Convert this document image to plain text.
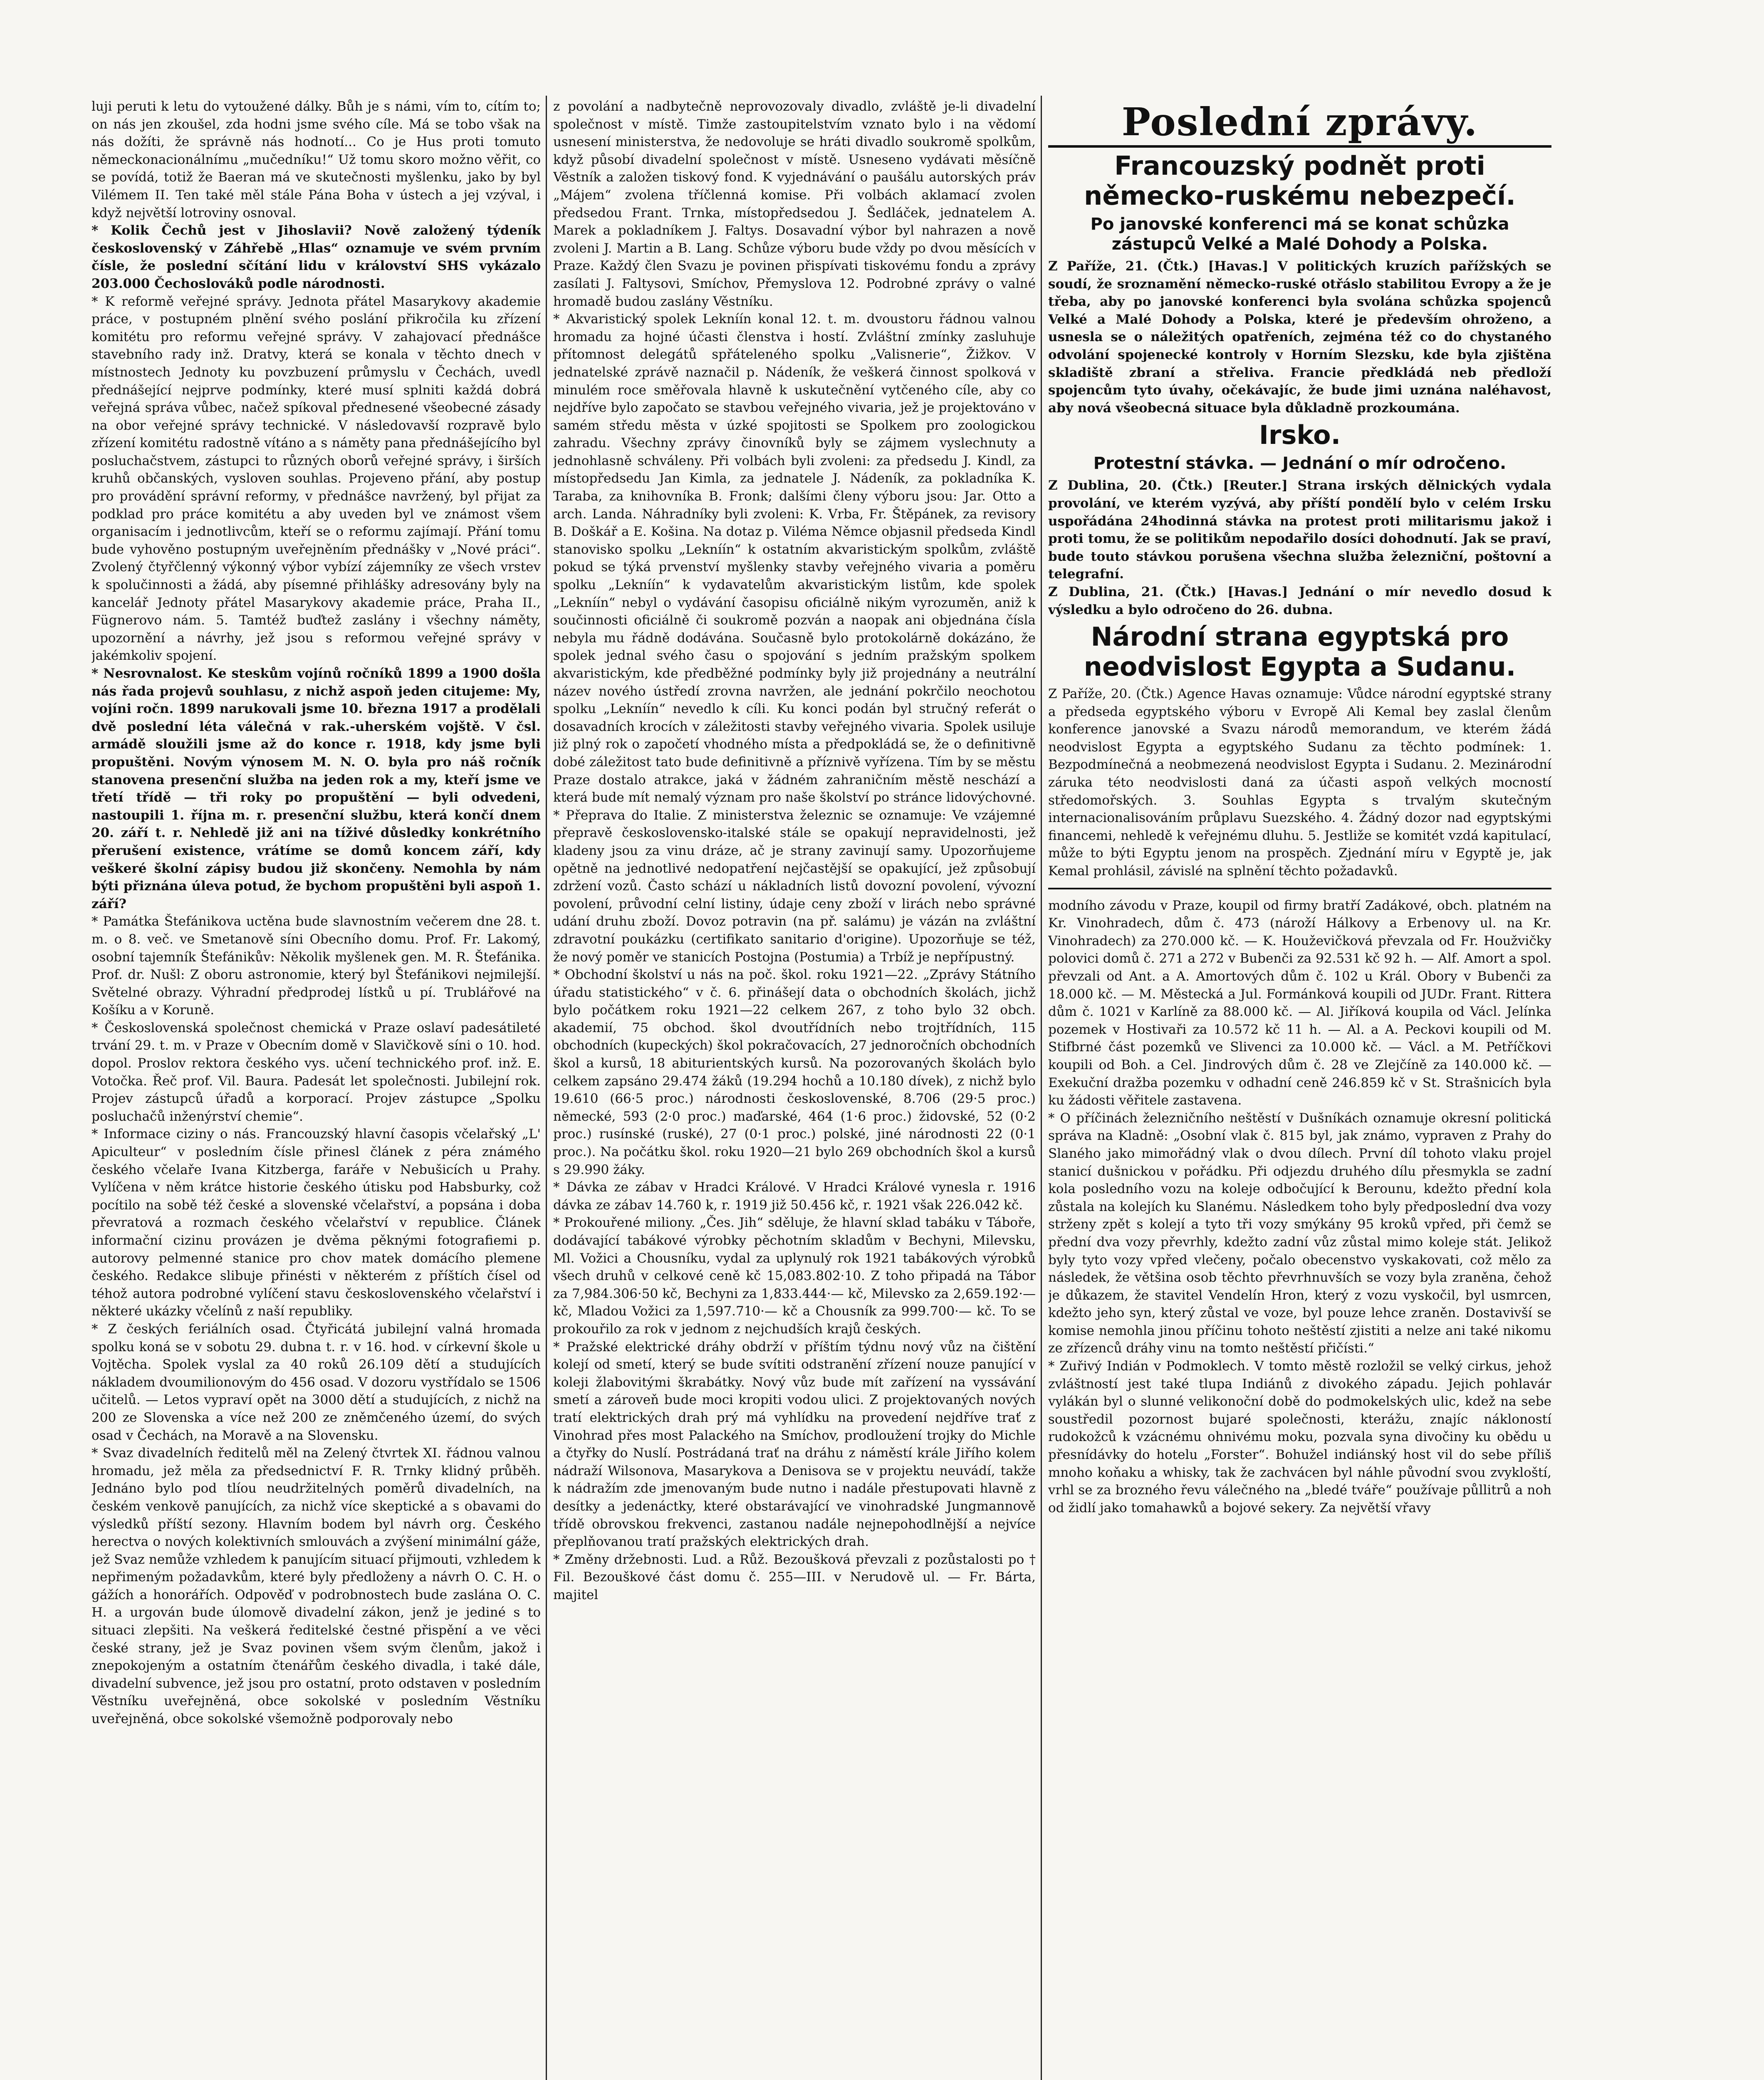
luji peruti k letu do vytoužené dálky. Bůh je s námi, vím to, cítím to; on nás jen zkoušel, zda hodni jsme svého cíle. Má se tobo však na nás dožíti, že správně nás hodnotí... Co je Hus proti tomuto německonacionálnímu „mučedníku!“ Už tomu skoro možno věřit, co se povídá, totiž že Baeran má ve skutečnosti myšlenku, jako by byl Vilémem II. Ten také měl stále Pána Boha v ústech a jej vzýval, i když největší lotroviny osnoval.

* Kolik Čechů jest v Jihoslavii? Nově založený týdeník československý v Záhřebě „Hlas“ oznamuje ve svém prvním čísle, že poslední sčítání lidu v království SHS vykázalo 203.000 Čechoslováků podle národnosti.

* K reformě veřejné správy. Jednota přátel Masarykovy akademie práce, v postupném plnění svého poslání přikročila ku zřízení komitétu pro reformu veřejné správy. V zahajovací přednášce stavebního rady inž. Dratvy, která se konala v těchto dnech v místnostech Jednoty ku povzbuzení průmyslu v Čechách, uvedl přednášející nejprve podmínky, které musí splniti každá dobrá veřejná správa vůbec, načež spíkoval přednesené všeobecné zásady na obor veřejné správy technické. V následovavší rozpravě bylo zřízení komitétu radostně vítáno a s náměty pana přednášejícího byl posluchačstvem, zástupci to různých oborů veřejné správy, i širších kruhů občanských, vysloven souhlas. Projeveno přání, aby postup pro provádění správní reformy, v přednášce navržený, byl přijat za podklad pro práce komitétu a aby uveden byl ve známost všem organisacím i jednotlivcům, kteří se o reformu zajímají. Přání tomu bude vyhověno postupným uveřejněním přednášky v „Nové práci“. Zvolený čtyřčlenný výkonný výbor vybízí zájemníky ze všech vrstev k spolučinnosti a žádá, aby písemné přihlášky adresovány byly na kancelář Jednoty přátel Masarykovy akademie práce, Praha II., Fügnerovo nám. 5. Tamtéž buďtež zaslány i všechny náměty, upozornění a návrhy, jež jsou s reformou veřejné správy v jakémkoliv spojení.

* Nesrovnalost. Ke steskům vojínů ročníků 1899 a 1900 došla nás řada projevů souhlasu, z nichž aspoň jeden citujeme: My, vojíni ročn. 1899 narukovali jsme 10. března 1917 a prodělali dvě poslední léta válečná v rak.-uherském vojště. V čsl. armádě sloužili jsme až do konce r. 1918, kdy jsme byli propuštěni. Novým výnosem M. N. O. byla pro náš ročník stanovena presenční služba na jeden rok a my, kteří jsme ve třetí třídě — tři roky po propuštění — byli odvedeni, nastoupili 1. října m. r. presenční službu, která končí dnem 20. září t. r. Nehledě již ani na tíživé důsledky konkrétního přerušení existence, vrátíme se domů koncem září, kdy veškeré školní zápisy budou již skončeny. Nemohla by nám býti přiznána úleva potud, že bychom propuštěni byli aspoň 1. září?

* Památka Štefánikova uctěna bude slavnostním večerem dne 28. t. m. o 8. več. ve Smetanově síni Obecního domu. Prof. Fr. Lakomý, osobní tajemník Štefánikův: Několik myšlenek gen. M. R. Štefánika. Prof. dr. Nušl: Z oboru astronomie, který byl Štefánikovi nejmilejší. Světelné obrazy. Výhradní předprodej lístků u pí. Trublářové na Košíku a v Koruně.

* Československá společnost chemická v Praze oslaví padesátileté trvání 29. t. m. v Praze v Obecním domě v Slavičkově síni o 10. hod. dopol. Proslov rektora českého vys. učení technického prof. inž. E. Votočka. Řeč prof. Vil. Baura. Padesát let společnosti. Jubilejní rok. Projev zástupců úřadů a korporací. Projev zástupce „Spolku posluchačů inženýrství chemie“.

* Informace ciziny o nás. Francouzský hlavní časopis včelařský „L' Apiculteur“ v posledním čísle přinesl článek z péra známého českého včelaře Ivana Kitzberga, faráře v Nebušicích u Prahy. Vylíčena v něm krátce historie českého útisku pod Habsburky, což pocítilo na sobě též české a slovenské včelařství, a popsána i doba převratová a rozmach českého včelařství v republice. Článek informační cizinu provázen je dvěma pěknými fotografiemi p. autorovy pelmenné stanice pro chov matek domácího plemene českého. Redakce slibuje přinésti v některém z příštích čísel od téhož autora podrobné vylíčení stavu československého včelařství i některé ukázky včelínů z naší republiky.

* Z českých feriálních osad. Čtyřicátá jubilejní valná hromada spolku koná se v sobotu 29. dubna t. r. v 16. hod. v církevní škole u Vojtěcha. Spolek vyslal za 40 roků 26.109 dětí a studujících nákladem dvoumilionovým do 456 osad. V dozoru vystřídalo se 1506 učitelů. — Letos vypraví opět na 3000 dětí a studujících, z nichž na 200 ze Slovenska a více než 200 ze zněmčeného území, do svých osad v Čechách, na Moravě a na Slovensku.

* Svaz divadelních ředitelů měl na Zelený čtvrtek XI. řádnou valnou hromadu, jež měla za předsednictví F. R. Trnky klidný průběh. Jednáno bylo pod tlíou neudržitelných poměrů divadelních, na českém venkově panujících, za nichž více skeptické a s obavami do výsledků příští sezony. Hlavním bodem byl návrh org. Českého herectva o nových kolektivních smlouvách a zvýšení minimální gáže, jež Svaz nemůže vzhledem k panujícím situací přijmouti, vzhledem k nepřimeným požadavkům, které byly předloženy a návrh O. C. H. o gážích a honorářích. Odpověď v podrobnostech bude zaslána O. C. H. a urgován bude úlomově divadelní zákon, jenž je jediné s to situaci zlepšiti. Na veškerá ředitelské čestné přispění a ve věci české strany, jež je Svaz povinen všem svým členům, jakož i znepokojeným a ostatním čtenářům českého divadla, i také dále, divadelní subvence, jež jsou pro ostatní, proto odstaven v posledním Věstníku uveřejněná, obce sokolské v posledním Věstníku uveřejněná, obce sokolské všemožně podporovaly nebo

z povolání a nadbytečně neprovozovaly divadlo, zvláště je-li divadelní společnost v místě. Timže zastoupitelstvím vznato bylo i na vědomí usnesení ministerstva, že nedovoluje se hráti divadlo soukromě spolkům, když působí divadelní společnost v místě. Usneseno vydávati měsíčně Věstník a založen tiskový fond. K vyjednávání o paušálu autorských práv „Májem“ zvolena tříčlenná komise. Při volbách aklamací zvolen předsedou Frant. Trnka, místopředsedou J. Šedláček, jednatelem A. Marek a pokladníkem J. Faltys. Dosavadní výbor byl nahrazen a nově zvoleni J. Martin a B. Lang. Schůze výboru bude vždy po dvou měsících v Praze. Každý člen Svazu je povinen přispívati tiskovému fondu a zprávy zasílati J. Faltysovi, Smíchov, Přemyslova 12. Podrobné zprávy o valné hromadě budou zaslány Věstníku.

* Akvaristický spolek Lekníín konal 12. t. m. dvoustoru řádnou valnou hromadu za hojné účasti členstva i hostí. Zvláštní zmínky zasluhuje přítomnost delegátů spřáteleného spolku „Valisnerie“, Žižkov. V jednatelské zprávě naznačil p. Nádeník, že veškerá činnost spolková v minulém roce směřovala hlavně k uskutečnění vytčeného cíle, aby co nejdříve bylo započato se stavbou veřejného vivaria, jež je projektováno v samém středu města v úzké spojitosti se Spolkem pro zoologickou zahradu. Všechny zprávy činovníků byly se zájmem vyslechnuty a jednohlasně schváleny. Při volbách byli zvoleni: za předsedu J. Kindl, za místopředsedu Jan Kimla, za jednatele J. Nádeník, za pokladníka K. Taraba, za knihovníka B. Fronk; dalšími členy výboru jsou: Jar. Otto a arch. Landa. Náhradníky byli zvoleni: K. Vrba, Fr. Štěpánek, za revisory B. Doškář a E. Košina. Na dotaz p. Viléma Němce objasnil předseda Kindl stanovisko spolku „Lekníín“ k ostatním akvaristickým spolkům, zvláště pokud se týká prvenství myšlenky stavby veřejného vivaria a poměru spolku „Lekníín“ k vydavatelům akvaristickým listům, kde spolek „Lekníín“ nebyl o vydávání časopisu oficiálně nikým vyrozuměn, aniž k součinnosti oficiálně či soukromě pozván a naopak ani objednána čísla nebyla mu řádně dodávána. Současně bylo protokolárně dokázáno, že spolek jednal svého času o spojování s jedním pražským spolkem akvaristickým, kde předběžné podmínky byly již projednány a neutrální název nového ústředí zrovna navržen, ale jednání pokrčilo neochotou spolku „Lekníín“ nevedlo k cíli. Ku konci podán byl stručný referát o dosavadních krocích v záležitosti stavby veřejného vivaria. Spolek usiluje již plný rok o započetí vhodného místa a předpokládá se, že o definitivně dobé záležitost tato bude definitivně a příznivě vyřízena. Tím by se městu Praze dostalo atrakce, jaká v žádném zahraničním městě neschází a která bude mít nemalý význam pro naše školství po stránce lidovýchovné.

* Přeprava do Italie. Z ministerstva železnic se oznamuje: Ve vzájemné přepravě československo-italské stále se opakují nepravidelnosti, jež kladeny jsou za vinu dráze, ač je strany zavinují samy. Upozorňujeme opětně na jednotlivé nedopatření nejčastější se opakující, jež způsobují zdržení vozů. Často schází u nákladních listů dovozní povolení, vývozní povolení, průvodní celní listiny, údaje ceny zboží v lirách nebo správné udání druhu zboží. Dovoz potravin (na př. salámu) je vázán na zvláštní zdravotní poukázku (certifikato sanitario d'origine). Upozorňuje se též, že nový poměr ve stanicích Postojna (Postumia) a Trbíž je nepřípustný.

* Obchodní školství u nás na poč. škol. roku 1921—22. „Zprávy Státního úřadu statistického“ v č. 6. přinášejí data o obchodních školách, jichž bylo počátkem roku 1921—22 celkem 267, z toho bylo 32 obch. akademií, 75 obchod. škol dvoutřídních nebo trojtřídních, 115 obchodních (kupeckých) škol pokračovacích, 27 jednoročních obchodních škol a kursů, 18 abiturientských kursů. Na pozorovaných školách bylo celkem zapsáno 29.474 žáků (19.294 hochů a 10.180 dívek), z nichž bylo 19.610 (66·5 proc.) národnosti československé, 8.706 (29·5 proc.) německé, 593 (2·0 proc.) maďarské, 464 (1·6 proc.) židovské, 52 (0·2 proc.) rusínské (ruské), 27 (0·1 proc.) polské, jiné národnosti 22 (0·1 proc.). Na počátku škol. roku 1920—21 bylo 269 obchodních škol a kursů s 29.990 žáky.

* Dávka ze zábav v Hradci Králové. V Hradci Králové vynesla r. 1916 dávka ze zábav 14.760 k, r. 1919 již 50.456 kč, r. 1921 však 226.042 kč.

* Prokouřené miliony. „Čes. Jih“ sděluje, že hlavní sklad tabáku v Táboře, dodávající tabákové výrobky pěchotním skladům v Bechyni, Milevsku, Ml. Vožici a Chousníku, vydal za uplynulý rok 1921 tabákových výrobků všech druhů v celkové ceně kč 15,083.802·10. Z toho připadá na Tábor za 7,984.306·50 kč, Bechyni za 1,833.444·— kč, Milevsko za 2,659.192·— kč, Mladou Vožici za 1,597.710·— kč a Chousník za 999.700·— kč. To se prokouřilo za rok v jednom z nejchudších krajů českých.

* Pražské elektrické dráhy obdrží v příštím týdnu nový vůz na čištění kolejí od smetí, který se bude svítiti odstranění zřízení nouze panující v koleji žlabovitými škrabátky. Nový vůz bude mít zařízení na vyssávání smetí a zároveň bude moci kropiti vodou ulici. Z projektovaných nových tratí elektrických drah prý má vyhlídku na provedení nejdříve trať z Vinohrad přes most Palackého na Smíchov, prodloužení trojky do Michle a čtyřky do Nuslí. Postrádaná trať na dráhu z náměstí krále Jiřího kolem nádraží Wilsonova, Masarykova a Denisova se v projektu neuvádí, takže k nádražím zde jmenovaným bude nutno i nadále přestupovati hlavně z desítky a jedenáctky, které obstarávající ve vinohradské Jungmannově třídě obrovskou frekvenci, zastanou nadále nejnepohodlnější a nejvíce přeplňovanou tratí pražských elektrických drah.

* Změny držebnosti. Lud. a Růž. Bezoušková převzali z pozůstalosti po † Fil. Bezouškové část domu č. 255—III. v Nerudově ul. — Fr. Bárta, majitel

Poslední zprávy.
Francouzský podnět proti německo-ruskému nebezpečí.
Po janovské konferenci má se konat schůzka zástupců Velké a Malé Dohody a Polska.

Z Paříže, 21. (Čtk.) [Havas.] V politických kruzích pařížských se soudí, že sroznamění německo-ruské otřáslo stabilitou Evropy a že je třeba, aby po janovské konferenci byla svolána schůzka spojenců Velké a Malé Dohody a Polska, které je především ohroženo, a usnesla se o náležitých opatřeních, zejména též co do chystaného odvolání spojenecké kontroly v Horním Slezsku, kde byla zjištěna skladiště zbraní a střeliva. Francie předkládá neb předloží spojencům tyto úvahy, očekávajíc, že bude jimi uznána naléhavost, aby nová všeobecná situace byla důkladně prozkoumána.

Irsko.
Protestní stávka. — Jednání o mír odročeno.

Z Dublina, 20. (Čtk.) [Reuter.] Strana irských dělnických vydala provolání, ve kterém vyzývá, aby příští pondělí bylo v celém Irsku uspořádána 24hodinná stávka na protest proti militarismu jakož i proti tomu, že se politikům nepodařilo dosíci dohodnutí. Jak se praví, bude touto stávkou porušena všechna služba železniční, poštovní a telegrafní.

Z Dublina, 21. (Čtk.) [Havas.] Jednání o mír nevedlo dosud k výsledku a bylo odročeno do 26. dubna.

Národní strana egyptská pro neodvislost Egypta a Sudanu.

Z Paříže, 20. (Čtk.) Agence Havas oznamuje: Vůdce národní egyptské strany a předseda egyptského výboru v Evropě Ali Kemal bey zaslal členům konference janovské a Svazu národů memorandum, ve kterém žádá neodvislost Egypta a egyptského Sudanu za těchto podmínek: 1. Bezpodmínečná a neobmezená neodvislost Egypta i Sudanu. 2. Mezinárodní záruka této neodvislosti daná za účasti aspoň velkých mocností středomořských. 3. Souhlas Egypta s trvalým skutečným internacionalisováním průplavu Suezského. 4. Žádný dozor nad egyptskými financemi, nehledě k veřejnému dluhu. 5. Jestliže se komitét vzdá kapitulací, může to býti Egyptu jenom na prospěch. Zjednání míru v Egyptě je, jak Kemal prohlásil, závislé na splnění těchto požadavků.

modního závodu v Praze, koupil od firmy bratří Zadákové, obch. platném na Kr. Vinohradech, dům č. 473 (nároží Hálkovy a Erbenovy ul. na Kr. Vinohradech) za 270.000 kč. — K. Houževičková převzala od Fr. Houžvičky polovici domů č. 271 a 272 v Bubenči za 92.531 kč 92 h. — Alf. Amort a spol. převzali od Ant. a A. Amortových dům č. 102 u Král. Obory v Bubenči za 18.000 kč. — M. Městecká a Jul. Formánková koupili od JUDr. Frant. Rittera dům č. 1021 v Karlíně za 88.000 kč. — Al. Jiříková koupila od Václ. Jelínka pozemek v Hostivaři za 10.572 kč 11 h. — Al. a A. Peckovi koupili od M. Stifbrné část pozemků ve Slivenci za 10.000 kč. — Václ. a M. Petříčkovi koupili od Boh. a Cel. Jindrových dům č. 28 ve Zlejčíně za 140.000 kč. — Exekuční dražba pozemku v odhadní ceně 246.859 kč v St. Strašnicích byla ku žádosti věřitele zastavena.

* O příčinách železničního neštěstí v Dušníkách oznamuje okresní politická správa na Kladně: „Osobní vlak č. 815 byl, jak známo, vypraven z Prahy do Slaného jako mimořádný vlak o dvou dílech. První díl tohoto vlaku projel stanicí dušnickou v pořádku. Při odjezdu druhého dílu přesmykla se zadní kola posledního vozu na koleje odbočující k Berounu, kdežto přední kola zůstala na kolejích ku Slanému. Následkem toho byly předposlední dva vozy strženy zpět s kolejí a tyto tři vozy smýkány 95 kroků vpřed, při čemž se přední dva vozy převrhly, kdežto zadní vůz zůstal mimo koleje stát. Jelikož byly tyto vozy vpřed vlečeny, počalo obecenstvo vyskakovati, což mělo za následek, že většina osob těchto převrhnuvších se vozy byla zraněna, čehož je důkazem, že stavitel Vendelín Hron, který z vozu vyskočil, byl usmrcen, kdežto jeho syn, který zůstal ve voze, byl pouze lehce zraněn. Dostavivší se komise nemohla jinou příčinu tohoto neštěstí zjistiti a nelze ani také nikomu ze zřízenců dráhy vinu na tomto neštěstí přičísti.“

* Zuřivý Indián v Podmoklech. V tomto městě rozložil se velký cirkus, jehož zvláštností jest také tlupa Indiánů z divokého západu. Jejich pohlavár vylákán byl o slunné velikonoční době do podmokelských ulic, kdež na sebe soustředil pozornost bujaré společnosti, kterážu, znajíc nákloností rudokožců k vzácnému ohnivému moku, pozvala syna divočiny ku obědu u přesnídávky do hotelu „Forster“. Bohužel indiánský host vil do sebe příliš mnoho koňaku a whisky, tak že zachvácen byl náhle původní svou zvykloští, vrhl se za brozného řevu válečného na „bledé tváře“ používaje půllitrů a noh od židlí jako tomahawků a bojové sekery. Za největší vřavy
